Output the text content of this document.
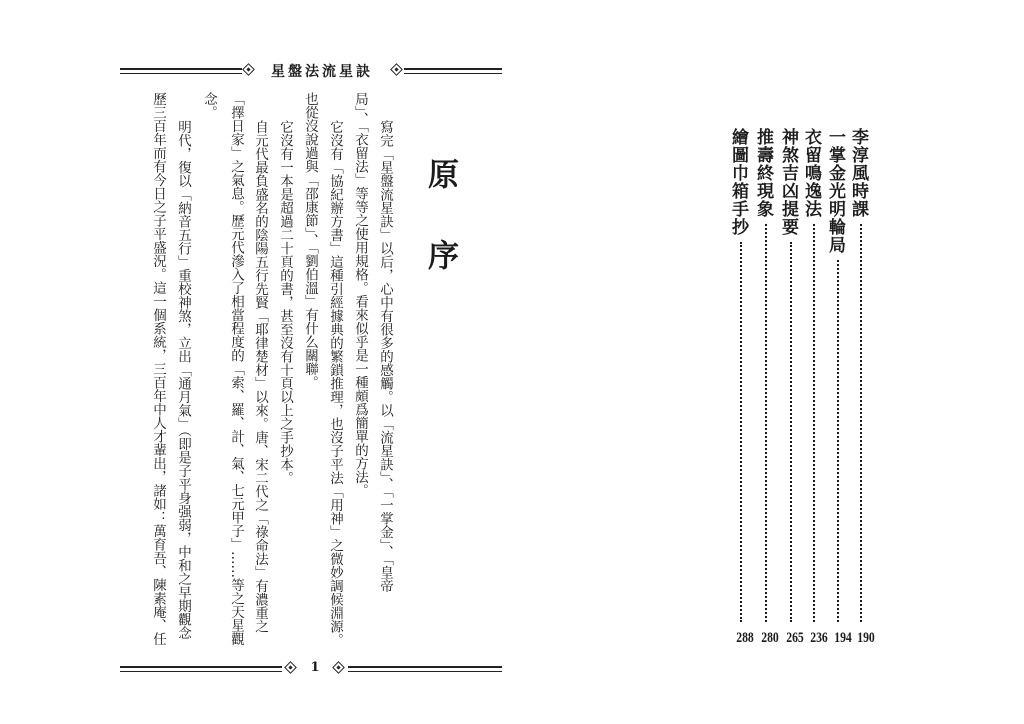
星盤法流星訣
原序
寫完「星盤流星訣」以后，心中有很多的感觸。以「流星訣」、「一掌金」、「皇帝
局」、「衣留法」等等之使用規格。看來似乎是一種頗爲簡單的方法。
它沒有「協紀辦方書」這種引經據典的繁鎖推理，也沒子平法「用神」之微妙調候淵源。
也從沒說過與「邵康節」、「劉伯溫」有什么關聯。
它沒有一本是超過二十頁的書，甚至沒有十頁以上之手抄本。
自元代最負盛名的陰陽五行先賢「耶律楚材」以來。唐、宋二代之「祿命法」有濃重之
「擇日家」之氣息。歷元代滲入了相當程度的「索、羅、計、氣、七元甲子」……等之天星觀
念。
明代，復以「納音五行」重校神煞，立出「通月氣」（即是子平身强弱，中和之早期觀念
歷三百年而有今日之子平盛況。這一個系統，三百年中人才輩出，諸如：萬育吾、陳素庵、任
1
李淳風時課
一掌金光明輪局
衣留鳴逸法
神煞吉凶提要
推壽終現象
繪圖巾箱手抄
190
194
236
265
280
288
